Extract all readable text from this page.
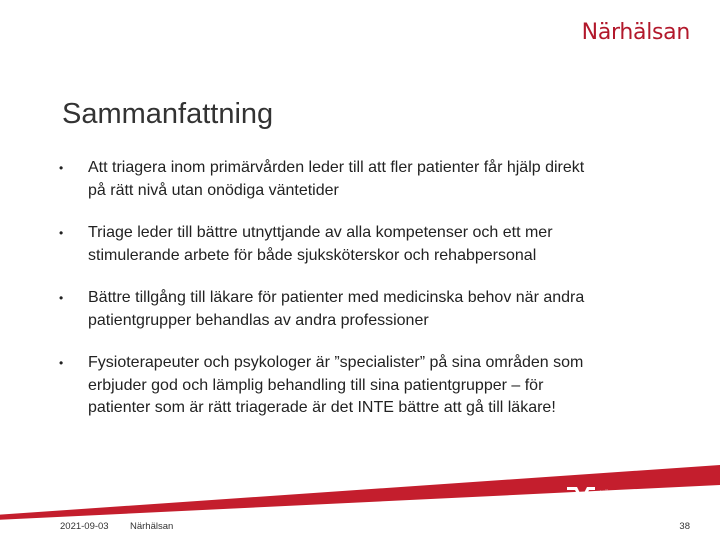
Närhälsan
Sammanfattning
• Att triagera inom primärvården leder till att fler patienter får hjälp direkt
på rätt nivå utan onödiga väntetider
• Triage leder till bättre utnyttjande av alla kompetenser och ett mer
stimulerande arbete för både sjuksköterskor och rehabpersonal
• Bättre tillgång till läkare för patienter med medicinska behov när andra
patientgrupper behandlas av andra professioner
• Fysioterapeuter och psykologer är ”specialister” på sina områden som
erbjuder god och lämplig behandling till sina patientgrupper – för
patienter som är rätt triagerade är det INTE bättre att gå till läkare!
VÄSTRA
GÖTALANDSREGIONEN
2021-09-03 Närhälsan	38
